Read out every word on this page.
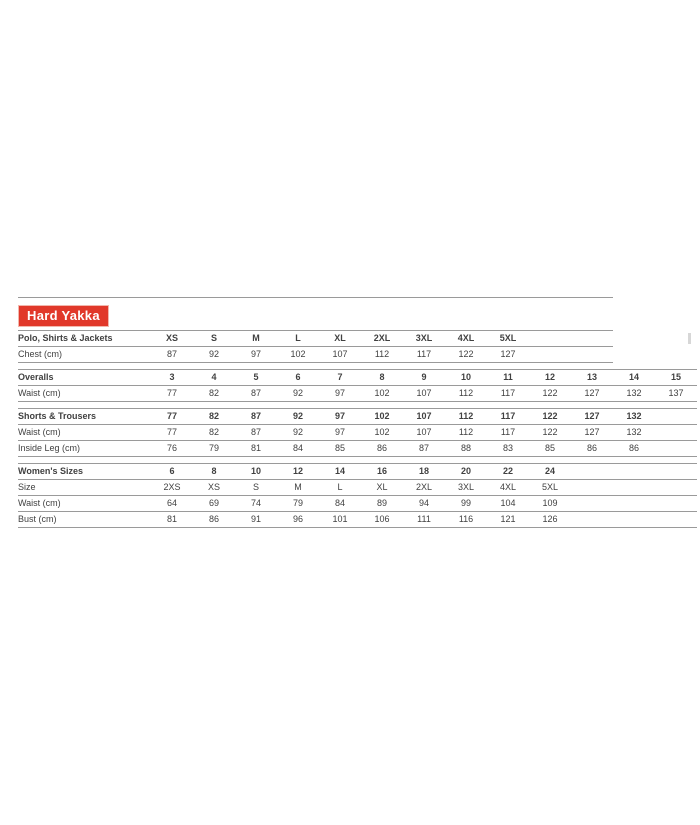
Hard Yakka
Polo, Shirts & Jackets	XS	S	M	L	XL	2XL	3XL	4XL	5XL		
Chest (cm)	87	92	97	102	107	112	117	122	127		
Overalls	3	4	5	6	7	8	9	10	11	12	13	14	15
Waist (cm)	77	82	87	92	97	102	107	112	117	122	127	132	137
Shorts & Trousers	77	82	87	92	97	102	107	112	117	122	127	132	
Waist (cm)	77	82	87	92	97	102	107	112	117	122	127	132	
Inside Leg (cm)	76	79	81	84	85	86	87	88	83	85	86	86	
Women's Sizes	6	8	10	12	14	16	18	20	22	24			
Size	2XS	XS	S	M	L	XL	2XL	3XL	4XL	5XL			
Waist (cm)	64	69	74	79	84	89	94	99	104	109			
Bust (cm)	81	86	91	96	101	106	111	116	121	126			
